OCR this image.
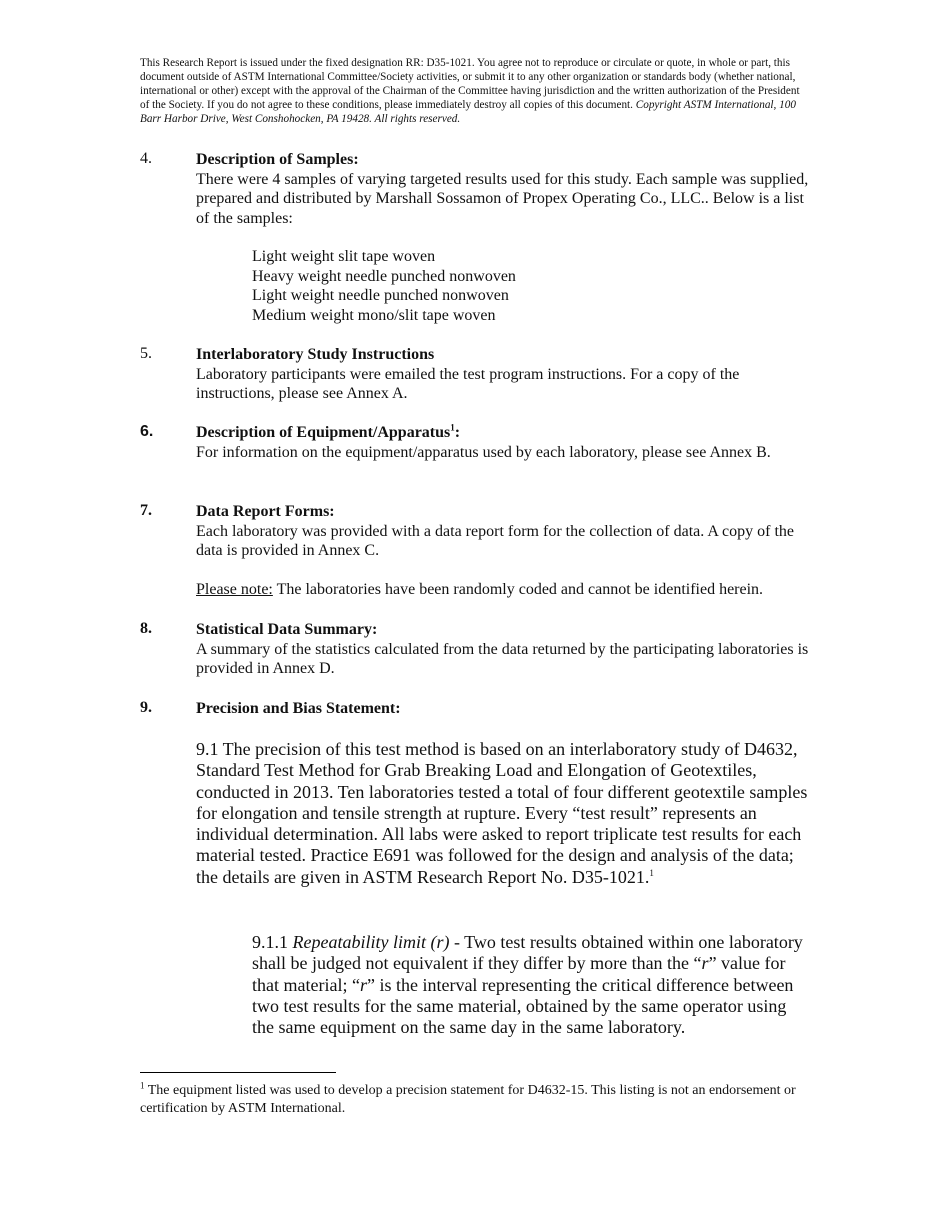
This Research Report is issued under the fixed designation RR: D35-1021. You agree not to reproduce or circulate or quote, in whole or part, this document outside of ASTM International Committee/Society activities, or submit it to any other organization or standards body (whether national, international or other) except with the approval of the Chairman of the Committee having jurisdiction and the written authorization of the President of the Society. If you do not agree to these conditions, please immediately destroy all copies of this document. Copyright ASTM International, 100 Barr Harbor Drive, West Conshohocken, PA 19428. All rights reserved.
4.	Description of Samples:
There were 4 samples of varying targeted results used for this study. Each sample was supplied, prepared and distributed by Marshall Sossamon of Propex Operating Co., LLC.. Below is a list of the samples:
Light weight slit tape woven
Heavy weight needle punched nonwoven
Light weight needle punched nonwoven
Medium weight mono/slit tape woven
5.	Interlaboratory Study Instructions
Laboratory participants were emailed the test program instructions. For a copy of the instructions, please see Annex A.
6.	Description of Equipment/Apparatus$^1$:
For information on the equipment/apparatus used by each laboratory, please see Annex B.
7.	Data Report Forms:
Each laboratory was provided with a data report form for the collection of data. A copy of the data is provided in Annex C.
Please note: The laboratories have been randomly coded and cannot be identified herein.
8.	Statistical Data Summary:
A summary of the statistics calculated from the data returned by the participating laboratories is provided in Annex D.
9.	Precision and Bias Statement:
9.1 The precision of this test method is based on an interlaboratory study of D4632, Standard Test Method for Grab Breaking Load and Elongation of Geotextiles, conducted in 2013. Ten laboratories tested a total of four different geotextile samples for elongation and tensile strength at rupture. Every “test result” represents an individual determination. All labs were asked to report triplicate test results for each material tested. Practice E691 was followed for the design and analysis of the data; the details are given in ASTM Research Report No. D35-1021.$^1$
9.1.1 Repeatability limit (r) - Two test results obtained within one laboratory shall be judged not equivalent if they differ by more than the “r” value for that material; “r” is the interval representing the critical difference between two test results for the same material, obtained by the same operator using the same equipment on the same day in the same laboratory.
$^1$ The equipment listed was used to develop a precision statement for D4632-15. This listing is not an endorsement or certification by ASTM International.
